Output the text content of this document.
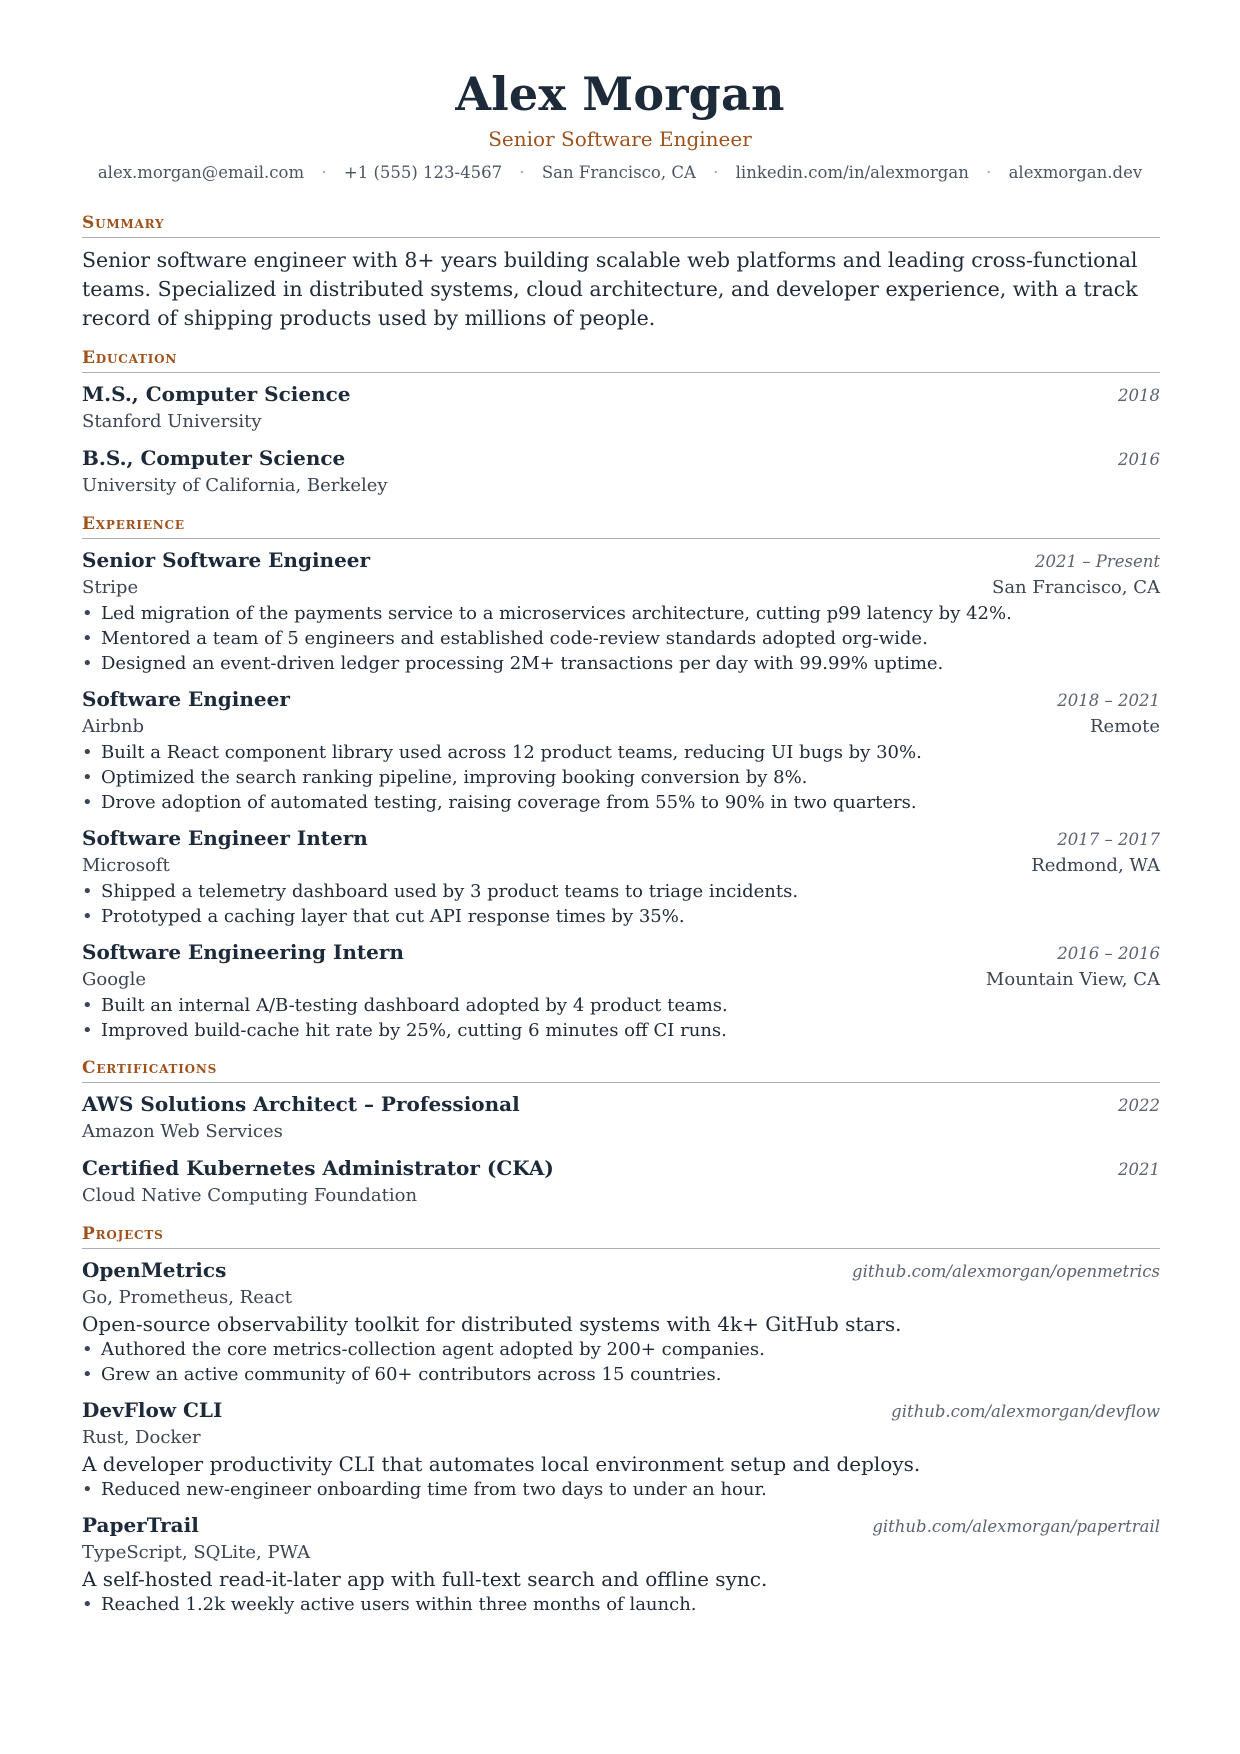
Alex Morgan
Senior Software Engineer
alex.morgan@email.com · +1 (555) 123-4567 · San Francisco, CA · linkedin.com/in/alexmorgan · alexmorgan.dev
Summary
Senior software engineer with 8+ years building scalable web platforms and leading cross-functional teams. Specialized in distributed systems, cloud architecture, and developer experience, with a track record of shipping products used by millions of people.
Education
M.S., Computer Science	2018
Stanford University
B.S., Computer Science	2016
University of California, Berkeley
Experience
Senior Software Engineer	2021 – Present
Stripe	San Francisco, CA
• Led migration of the payments service to a microservices architecture, cutting p99 latency by 42%.
• Mentored a team of 5 engineers and established code-review standards adopted org-wide.
• Designed an event-driven ledger processing 2M+ transactions per day with 99.99% uptime.
Software Engineer	2018 – 2021
Airbnb	Remote
• Built a React component library used across 12 product teams, reducing UI bugs by 30%.
• Optimized the search ranking pipeline, improving booking conversion by 8%.
• Drove adoption of automated testing, raising coverage from 55% to 90% in two quarters.
Software Engineer Intern	2017 – 2017
Microsoft	Redmond, WA
• Shipped a telemetry dashboard used by 3 product teams to triage incidents.
• Prototyped a caching layer that cut API response times by 35%.
Software Engineering Intern	2016 – 2016
Google	Mountain View, CA
• Built an internal A/B-testing dashboard adopted by 4 product teams.
• Improved build-cache hit rate by 25%, cutting 6 minutes off CI runs.
Certifications
AWS Solutions Architect – Professional	2022
Amazon Web Services
Certified Kubernetes Administrator (CKA)	2021
Cloud Native Computing Foundation
Projects
OpenMetrics	github.com/alexmorgan/openmetrics
Go, Prometheus, React
Open-source observability toolkit for distributed systems with 4k+ GitHub stars.
• Authored the core metrics-collection agent adopted by 200+ companies.
• Grew an active community of 60+ contributors across 15 countries.
DevFlow CLI	github.com/alexmorgan/devflow
Rust, Docker
A developer productivity CLI that automates local environment setup and deploys.
• Reduced new-engineer onboarding time from two days to under an hour.
PaperTrail	github.com/alexmorgan/papertrail
TypeScript, SQLite, PWA
A self-hosted read-it-later app with full-text search and offline sync.
• Reached 1.2k weekly active users within three months of launch.
